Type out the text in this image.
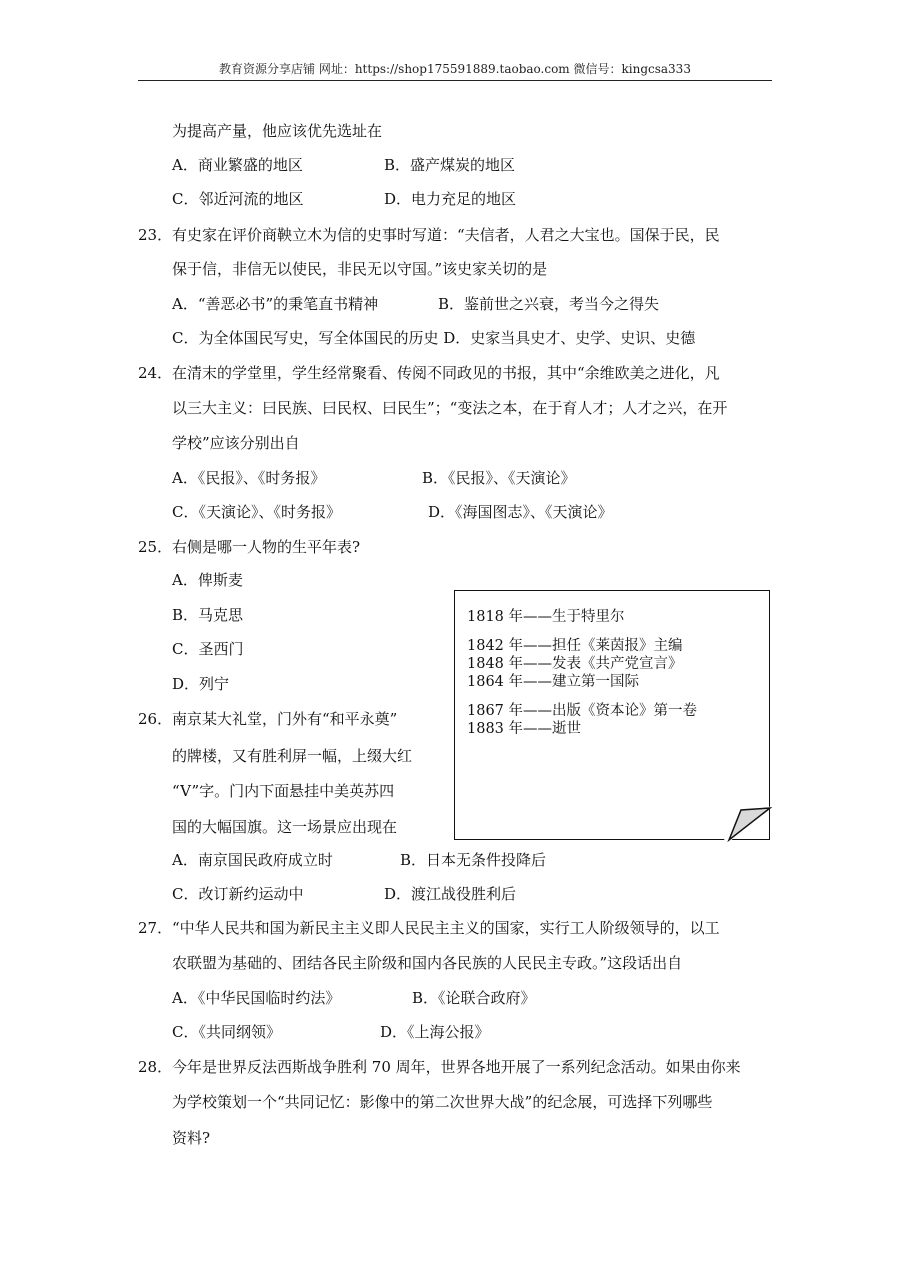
教育资源分享店铺 网址：https://shop175591889.taobao.com 微信号：kingcsa333
为提高产量，他应该优先选址在
A．商业繁盛的地区	B．盛产煤炭的地区
C．邻近河流的地区	D．电力充足的地区
23． 有史家在评价商鞅立木为信的史事时写道：“夫信者，人君之大宝也。国保于民，民
保于信，非信无以使民，非民无以守国。”该史家关切的是
A．“善恶必书”的秉笔直书精神	B．鉴前世之兴衰，考当今之得失
C．为全体国民写史，写全体国民的历史 D．史家当具史才、史学、史识、史德
24． 在清末的学堂里，学生经常聚看、传阅不同政见的书报，其中“余维欧美之进化，凡
以三大主义：曰民族、曰民权、曰民生”；“变法之本，在于育人才；人才之兴，在开
学校”应该分别出自
A．《民报》、《时务报》	B．《民报》、《天演论》
C．《天演论》、《时务报》	D．《海国图志》、《天演论》
25． 右侧是哪一人物的生平年表?
A．俾斯麦
B．马克思
C．圣西门
D．列宁
1818 年——生于特里尔
1842 年——担任《莱茵报》主编
1848 年——发表《共产党宣言》
1864 年——建立第一国际
1867 年——出版《资本论》第一卷
1883 年——逝世
26． 南京某大礼堂，门外有“和平永奠”
的牌楼，又有胜利屏一幅，上缀大红
“V”字。门内下面悬挂中美英苏四
国的大幅国旗。这一场景应出现在
A．南京国民政府成立时	B．日本无条件投降后
C．改订新约运动中	D．渡江战役胜利后
27． “中华人民共和国为新民主主义即人民民主主义的国家，实行工人阶级领导的，以工
农联盟为基础的、团结各民主阶级和国内各民族的人民民主专政。”这段话出自
A．《中华民国临时约法》	B．《论联合政府》
C．《共同纲领》	D．《上海公报》
28． 今年是世界反法西斯战争胜利 70 周年，世界各地开展了一系列纪念活动。如果由你来
为学校策划一个“共同记忆：影像中的第二次世界大战”的纪念展，可选择下列哪些
资料?
